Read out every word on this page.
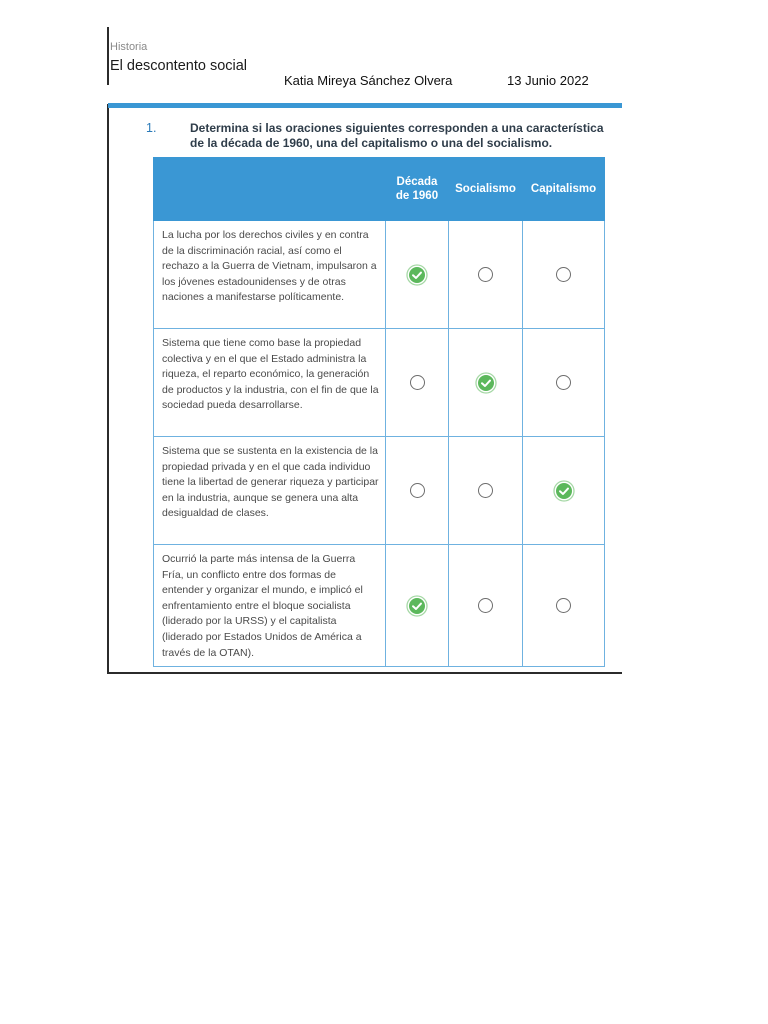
Historia
El descontento social
Katia Mireya Sánchez Olvera	13 Junio 2022
1.	Determina si las oraciones siguientes corresponden a una característica de la década de 1960, una del capitalismo o una del socialismo.

	Década de 1960	Socialismo	Capitalismo
La lucha por los derechos civiles y en contra de la discriminación racial, así como el rechazo a la Guerra de Vietnam, impulsaron a los jóvenes estadounidenses y de otras naciones a manifestarse políticamente.			
Sistema que tiene como base la propiedad colectiva y en el que el Estado administra la riqueza, el reparto económico, la generación de productos y la industria, con el fin de que la sociedad pueda desarrollarse.			
Sistema que se sustenta en la existencia de la propiedad privada y en el que cada individuo tiene la libertad de generar riqueza y participar en la industria, aunque se genera una alta desigualdad de clases.			
Ocurrió la parte más intensa de la Guerra Fría, un conflicto entre dos formas de entender y organizar el mundo, e implicó el enfrentamiento entre el bloque socialista (liderado por la URSS) y el capitalista (liderado por Estados Unidos de América a través de la OTAN).			
